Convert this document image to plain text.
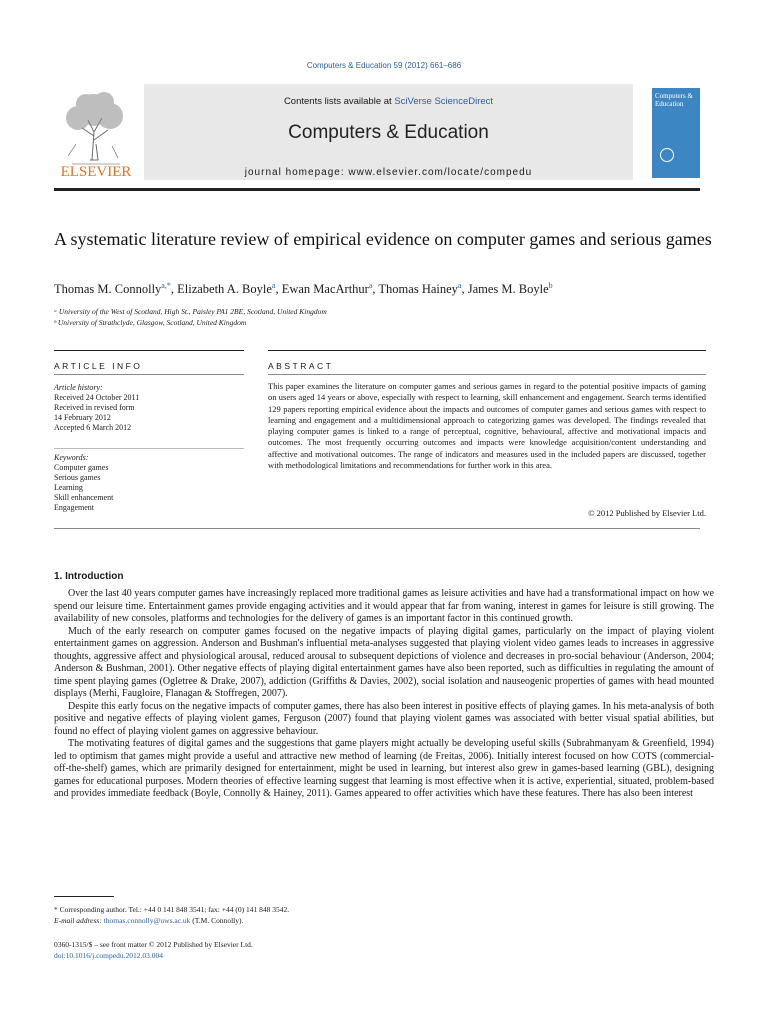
Computers & Education 59 (2012) 661–686
ELSEVIER
Contents lists available at SciVerse ScienceDirect
Computers & Education
journal homepage: www.elsevier.com/locate/compedu
Computers & Education
A systematic literature review of empirical evidence on computer games and serious games
Thomas M. Connolly$^{a,*}$, Elizabeth A. Boyle$^a$, Ewan MacArthur$^a$, Thomas Hainey$^a$, James M. Boyle$^b$
ᵃ University of the West of Scotland, High St., Paisley PA1 2BE, Scotland, United Kingdom
ᵇ University of Strathclyde, Glasgow, Scotland, United Kingdom
ARTICLE INFO	ABSTRACT
Article history:
Received 24 October 2011
Received in revised form
14 February 2012
Accepted 6 March 2012
Keywords:
Computer games
Serious games
Learning
Skill enhancement
Engagement
This paper examines the literature on computer games and serious games in regard to the potential positive impacts of gaming on users aged 14 years or above, especially with respect to learning, skill enhancement and engagement. Search terms identified 129 papers reporting empirical evidence about the impacts and outcomes of computer games and serious games with respect to learning and engagement and a multidimensional approach to categorizing games was developed. The findings revealed that playing computer games is linked to a range of perceptual, cognitive, behavioural, affective and motivational impacts and outcomes. The most frequently occurring outcomes and impacts were knowledge acquisition/content understanding and affective and motivational outcomes. The range of indicators and measures used in the included papers are discussed, together with methodological limitations and recommendations for further work in this area.
© 2012 Published by Elsevier Ltd.
1. Introduction

Over the last 40 years computer games have increasingly replaced more traditional games as leisure activities and have had a transformational impact on how we spend our leisure time. Entertainment games provide engaging activities and it would appear that far from waning, interest in games for leisure is still growing. The availability of new consoles, platforms and technologies for the delivery of games is an important factor in this continued growth.

Much of the early research on computer games focused on the negative impacts of playing digital games, particularly on the impact of playing violent entertainment games on aggression. Anderson and Bushman's influential meta-analyses suggested that playing violent video games leads to increases in aggressive thoughts, aggressive affect and physiological arousal, reduced arousal to subsequent depictions of violence and decreases in pro-social behaviour (Anderson, 2004; Anderson & Bushman, 2001). Other negative effects of playing digital entertainment games have also been reported, such as difficulties in regulating the amount of time spent playing games (Ogletree & Drake, 2007), addiction (Griffiths & Davies, 2002), social isolation and nauseogenic properties of games with head mounted displays (Merhi, Faugloire, Flanagan & Stoffregen, 2007).

Despite this early focus on the negative impacts of computer games, there has also been interest in positive effects of playing games. In his meta-analysis of both positive and negative effects of playing violent games, Ferguson (2007) found that playing violent games was associated with better visual spatial abilities, but found no effect of playing violent games on aggressive behaviour.

The motivating features of digital games and the suggestions that game players might actually be developing useful skills (Subrahmanyam & Greenfield, 1994) led to optimism that games might provide a useful and attractive new method of learning (de Freitas, 2006). Initially interest focused on how COTS (commercial-off-the-shelf) games, which are primarily designed for entertainment, might be used in learning, but interest also grew in games-based learning (GBL), designing games for educational purposes. Modern theories of effective learning suggest that learning is most effective when it is active, experiential, situated, problem-based and provides immediate feedback (Boyle, Connolly & Hainey, 2011). Games appeared to offer activities which have these features. There has also been interest

* Corresponding author. Tel.: +44 0 141 848 3541; fax: +44 (0) 141 848 3542.
E-mail address: thomas.connolly@uws.ac.uk (T.M. Connolly).
0360-1315/$ – see front matter © 2012 Published by Elsevier Ltd.
doi:10.1016/j.compedu.2012.03.004
